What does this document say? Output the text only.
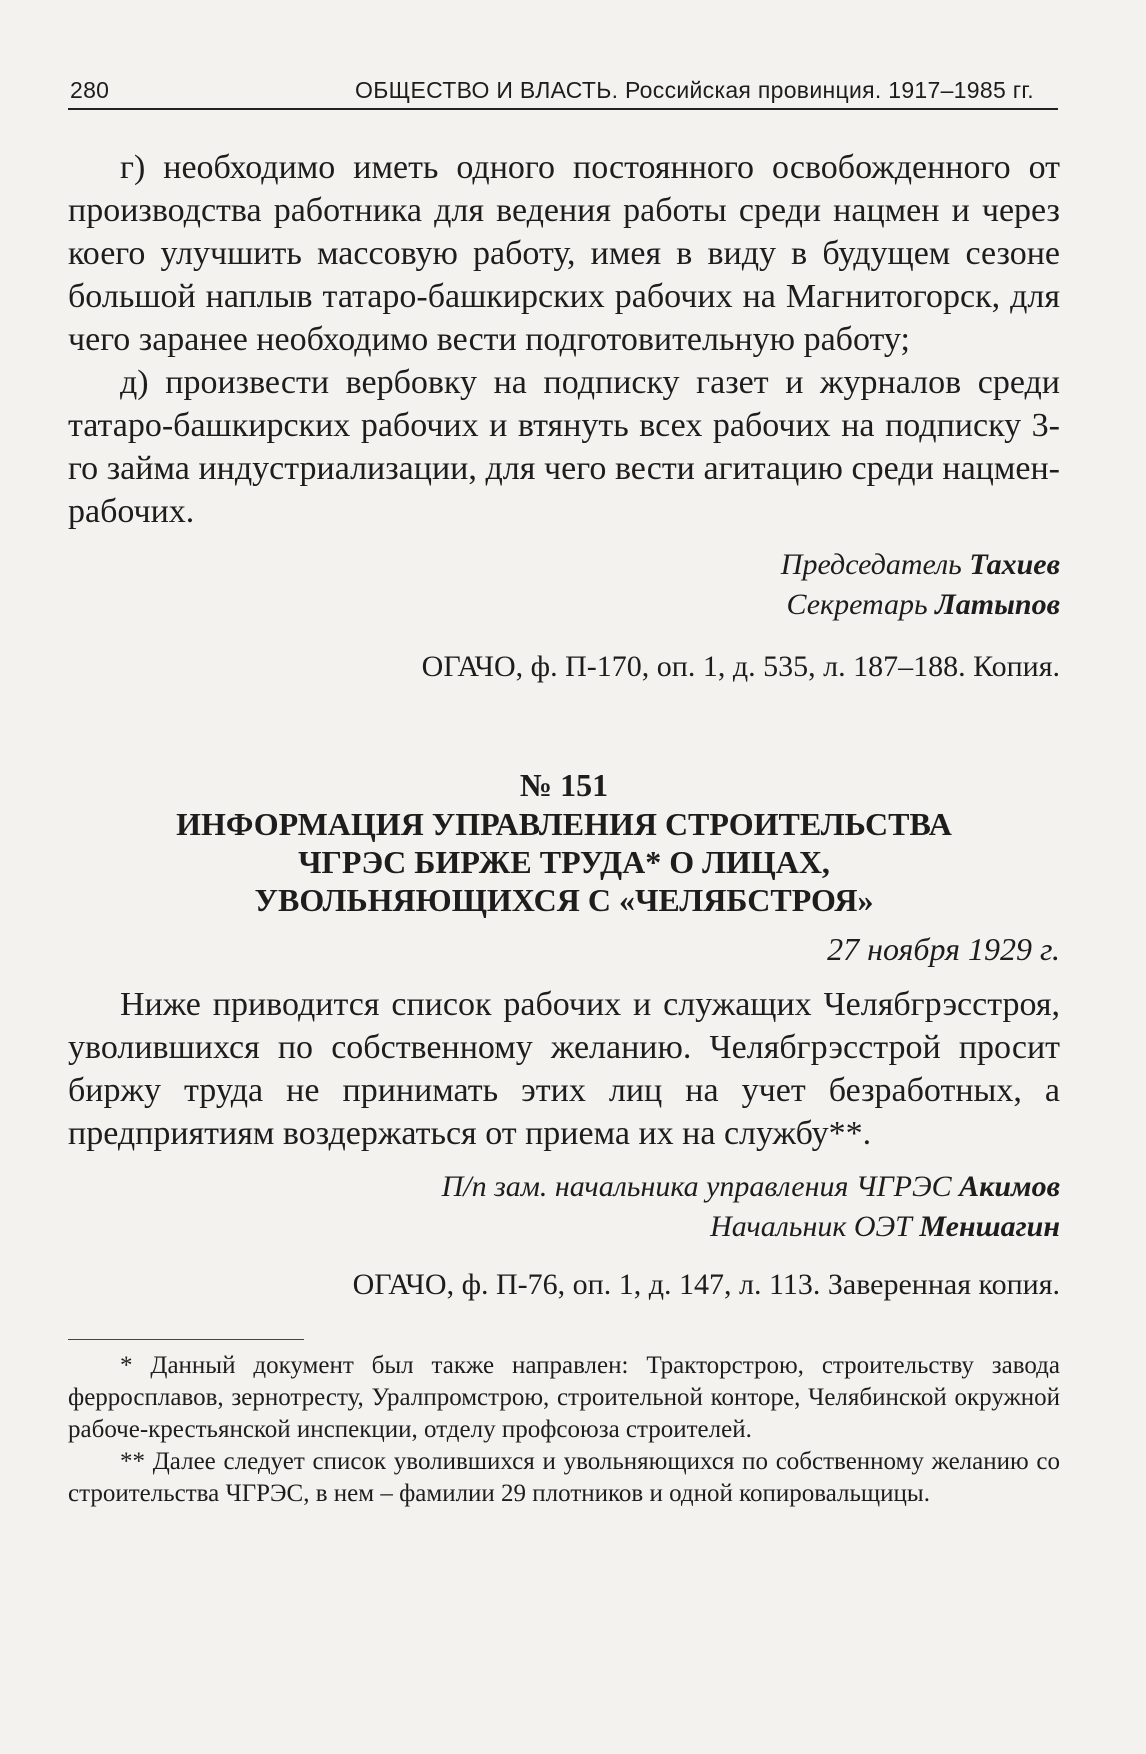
280	ОБЩЕСТВО И ВЛАСТЬ. Российская провинция. 1917–1985 гг.

г) необходимо иметь одного постоянного освобожденного от производства работника для ведения работы среди нацмен и через коего улучшить массовую работу, имея в виду в будущем сезоне большой наплыв татаро-башкирских рабочих на Магнитогорск, для чего заранее необходимо вести подготовительную работу;

д) произвести вербовку на подписку газет и журналов среди татаро-башкирских рабочих и втянуть всех рабочих на подписку 3-го займа индустриализации, для чего вести агитацию среди нацмен-рабочих.

Председатель Тахиев
Секретарь Латыпов
ОГАЧО, ф. П-170, оп. 1, д. 535, л. 187–188. Копия.
№ 151
ИНФОРМАЦИЯ УПРАВЛЕНИЯ СТРОИТЕЛЬСТВА ЧГРЭС БИРЖЕ ТРУДА* О ЛИЦАХ, УВОЛЬНЯЮЩИХСЯ С «ЧЕЛЯБСТРОЯ»
27 ноября 1929 г.

Ниже приводится список рабочих и служащих Челябгрэсстроя, уволившихся по собственному желанию. Челябгрэсстрой просит биржу труда не принимать этих лиц на учет безработных, а предприятиям воздержаться от приема их на службу**.

П/п зам. начальника управления ЧГРЭС Акимов
Начальник ОЭТ Меншагин
ОГАЧО, ф. П-76, оп. 1, д. 147, л. 113. Заверенная копия.

* Данный документ был также направлен: Тракторстрою, строительству завода ферросплавов, зернотресту, Уралпромстрою, строительной конторе, Челябинской окружной рабоче-крестьянской инспекции, отделу профсоюза строителей.

** Далее следует список уволившихся и увольняющихся по собственному желанию со строительства ЧГРЭС, в нем – фамилии 29 плотников и одной копировальщицы.
